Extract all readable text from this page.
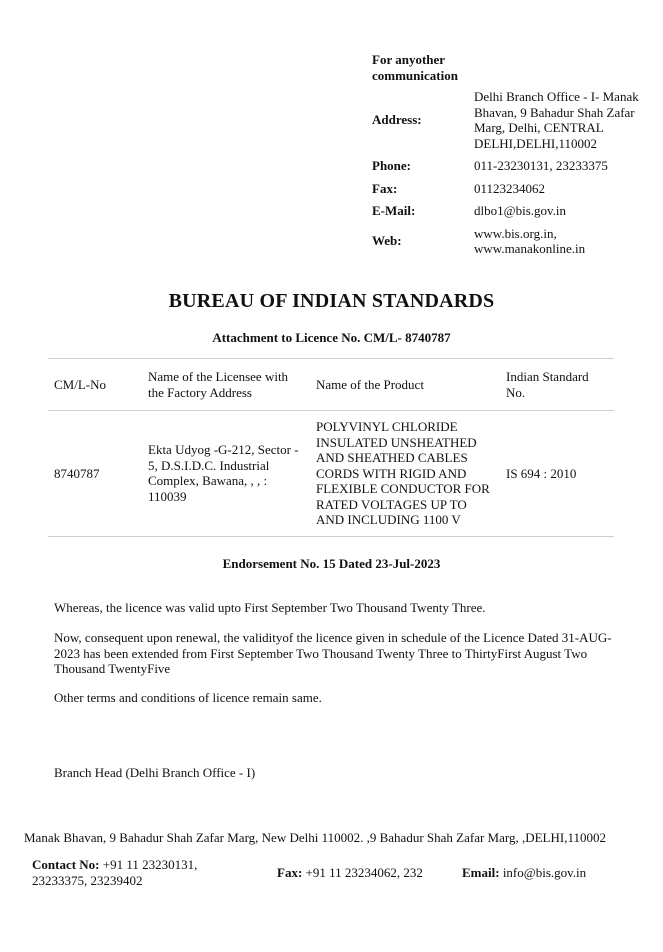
For anyother communication
Address:
Delhi Branch Office - I- Manak Bhavan, 9 Bahadur Shah Zafar Marg, Delhi, CENTRAL DELHI,DELHI,110002
Phone:	011-23230131, 23233375
Fax:	01123234062
E-Mail:	dlbo1@bis.gov.in
Web:
www.bis.org.in, www.manakonline.in
BUREAU OF INDIAN STANDARDS
Attachment to Licence No. CM/L- 8740787
CM/L-No	Name of the Licensee with the Factory Address	Name of the Product	Indian Standard No.
8740787	Ekta Udyog -G-212, Sector - 5, D.S.I.D.C. Industrial Complex, Bawana, , , : 110039	POLYVINYL CHLORIDE INSULATED UNSHEATHED AND SHEATHED CABLES CORDS WITH RIGID AND FLEXIBLE CONDUCTOR FOR RATED VOLTAGES UP TO AND INCLUDING 1100 V	IS 694 : 2010
Endorsement No. 15 Dated 23-Jul-2023
Whereas, the licence was valid upto First September Two Thousand Twenty Three.
Now, consequent upon renewal, the validityof the licence given in schedule of the Licence Dated 31-AUG-2023 has been extended from First September Two Thousand Twenty Three to ThirtyFirst August Two Thousand TwentyFive
Other terms and conditions of licence remain same.
Branch Head (Delhi Branch Office - I)
Manak Bhavan, 9 Bahadur Shah Zafar Marg, New Delhi 110002. ,9 Bahadur Shah Zafar Marg, ,DELHI,110002
Contact No: +91 11 23230131, 23233375, 23239402	Fax: +91 11 23234062, 232	Email: info@bis.gov.in
